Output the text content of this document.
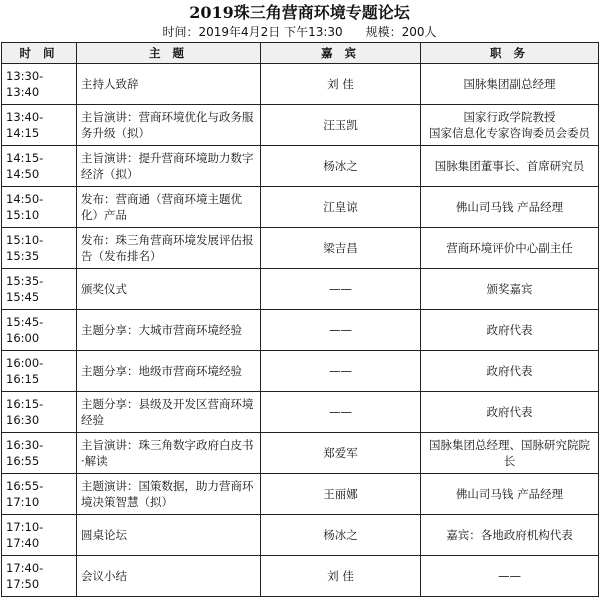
2019珠三角营商环境专题论坛
时间：2019年4月2日 下午13:30 规模：200人
时 间	主 题	嘉 宾	职 务
13:30-13:40	主持人致辞	刘 佳	国脉集团副总经理
13:40-14:15	主旨演讲：营商环境优化与政务服务升级（拟）	汪玉凯	国家行政学院教授
国家信息化专家咨询委员会委员
14:15-14:50	主旨演讲：提升营商环境助力数字经济（拟）	杨冰之	国脉集团董事长、首席研究员
14:50-15:10	发布：营商通（营商环境主题优化）产品	江皇谅	佛山司马钱 产品经理
15:10-15:35	发布：珠三角营商环境发展评估报告（发布排名）	梁吉昌	营商环境评价中心副主任
15:35-15:45	颁奖仪式	——	颁奖嘉宾
15:45-16:00	主题分享：大城市营商环境经验	——	政府代表
16:00-16:15	主题分享：地级市营商环境经验	——	政府代表
16:15-16:30	主题分享：县级及开发区营商环境经验	——	政府代表
16:30-16:55	主旨演讲：珠三角数字政府白皮书·解读	郑爱军	国脉集团总经理、国脉研究院院长
16:55-17:10	主题演讲：国策数据，助力营商环境决策智慧（拟）	王丽娜	佛山司马钱 产品经理
17:10-17:40	圆桌论坛	杨冰之	嘉宾：各地政府机构代表
17:40-17:50	会议小结	刘 佳	——
